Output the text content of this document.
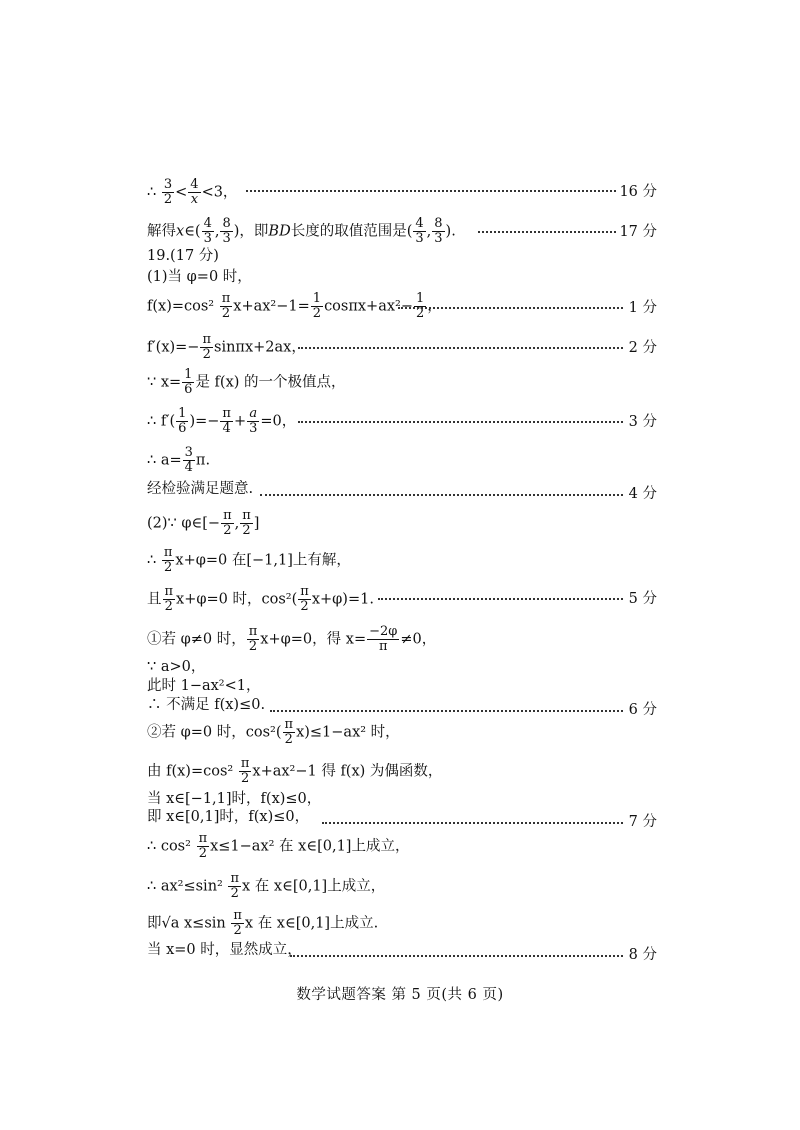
∴ $\frac{3}{2} < \frac{4}{x} <3$，	16 分
解得x∈( $\frac{4}{3}$ , $\frac{8}{3}$ )，即BD长度的取值范围是( $\frac{4}{3}$ , $\frac{8}{3}$ ).	17 分
19.(17 分)
(1)当 φ=0 时，
$f(x)=\cos^2 \frac{\pi}{2} x+ax^2-1= \frac{1}{2} \cos\pi x+ax^2- \frac{1}{2}$ ，	1 分
$f'(x)=- \frac{\pi}{2} \sin\pi x+2ax$，	2 分
∵ $x= \frac{1}{6}$ 是 f(x) 的一个极值点，
∴ $f'( \frac{1}{6}$ )=− $\frac{\pi}{4} + \frac{a}{3} =0$，	3 分
∴ $a= \frac{3}{4} \pi$.
经检验满足题意.	4 分
(2)∵ φ∈[− $\frac{\pi}{2}$ , $\frac{\pi}{2}$ ]
∴ $\frac{\pi}{2} x+\varphi=0$ 在[−1,1]上有解，
且 $\frac{\pi}{2} x+\varphi=0$ 时，$\cos^2( \frac{\pi}{2} x+\varphi)=1$.	5 分
①若 φ≠0 时， $\frac{\pi}{2} x+\varphi=0$，得 $x= \frac{-2\varphi}{\pi} \ne 0$，
∵ a>0，
此时 1−ax²<1，
∴ 不满足 f(x)≤0.	6 分
②若 φ=0 时，$\cos^2( \frac{\pi}{2} x)\le 1-ax^2$ 时，
由 $f(x)=\cos^2 \frac{\pi}{2} x+ax^2-1$ 得 f(x) 为偶函数，
当 x∈[−1,1]时，f(x)≤0，
即 x∈[0,1]时，f(x)≤0，	7 分
∴ $\cos^2 \frac{\pi}{2} x\le 1-ax^2$ 在 x∈[0,1]上成立，
∴ $ax^2\le\sin^2 \frac{\pi}{2}$ x 在 x∈[0,1]上成立，
即√a $x\le\sin \frac{\pi}{2}$ x 在 x∈[0,1]上成立.
当 x=0 时，显然成立，	8 分
数学试题答案 第 5 页(共 6 页)
